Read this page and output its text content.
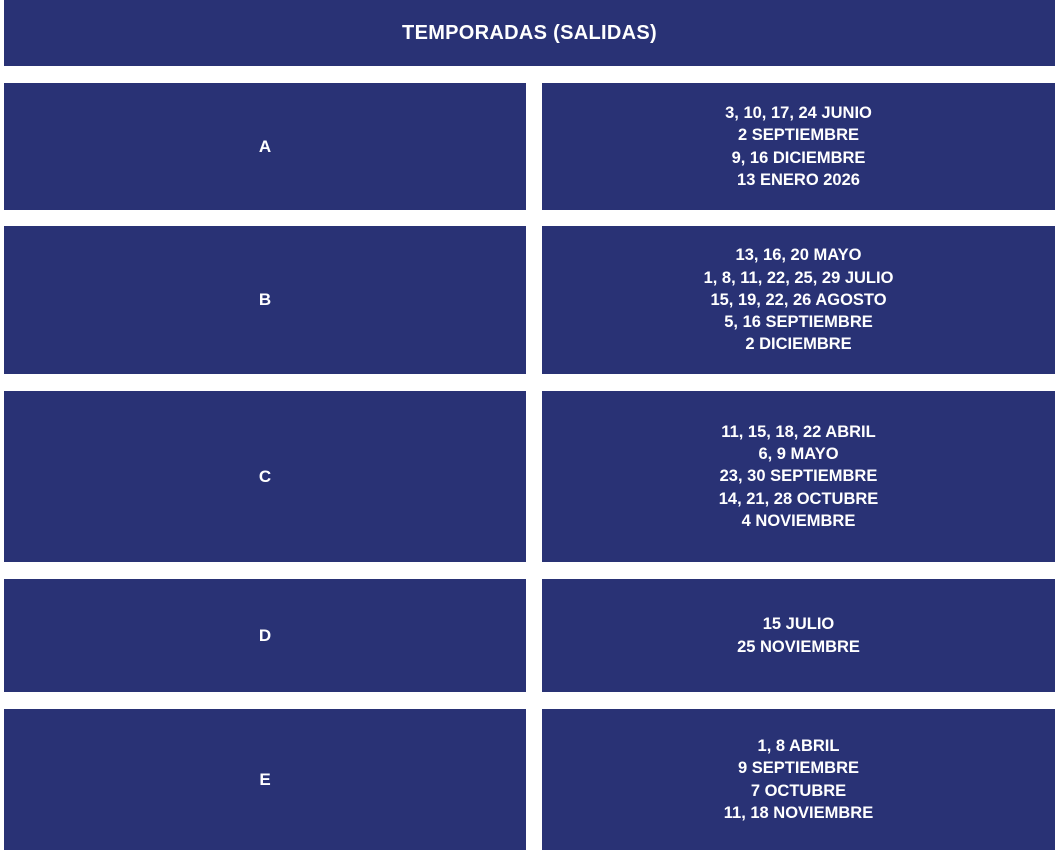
TEMPORADAS (SALIDAS)
A
3, 10, 17, 24 JUNIO
2 SEPTIEMBRE
9, 16 DICIEMBRE
13 ENERO 2026
B
13, 16, 20 MAYO
1, 8, 11, 22, 25, 29 JULIO
15, 19, 22, 26 AGOSTO
5, 16 SEPTIEMBRE
2 DICIEMBRE
C
11, 15, 18, 22 ABRIL
6, 9 MAYO
23, 30 SEPTIEMBRE
14, 21, 28 OCTUBRE
4 NOVIEMBRE
D
15 JULIO
25 NOVIEMBRE
E
1, 8 ABRIL
9 SEPTIEMBRE
7 OCTUBRE
11, 18 NOVIEMBRE
